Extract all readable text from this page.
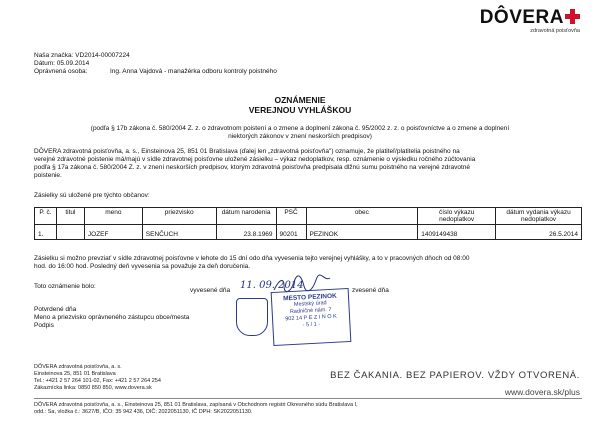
DÔVERA
zdravotná poisťovňa
Naša značka: VD2014-00007224
Dátum: 05.09.2014
Oprávnená osoba:	Ing. Anna Vajdová - manažérka odboru kontroly poistného
OZNÁMENIE
VEREJNOU VYHLÁŠKOU
(podľa § 17b zákona č. 580/2004 Z. z. o zdravotnom poistení a o zmene a doplnení zákona č. 95/2002 z. z. o poisťovníctve a o zmene a doplnení
niektorých zákonov v znení neskorších predpisov)
DÔVERA zdravotná poisťovňa, a. s., Einsteinova 25, 851 01 Bratislava (ďalej len „zdravotná poisťovňa") oznamuje, že platiteľ/platitelia poistného na
verejné zdravotné poistenie má/majú v sídle zdravotnej poisťovne uložené zásielku – výkaz nedoplatkov, resp. oznámenie o výsledku ročného zúčtovania
podľa § 17a zákona č. 580/2004 Z. z. v znení neskorších predpisov, ktorým zdravotná poisťovňa predpisala dlžnú sumu poistného na verejné zdravotné
poistenie.
Zásielky sú uložené pre týchto občanov:
P. č.	titul	meno	priezvisko	dátum narodenia	PSČ	obec	číslo výkazu nedoplatkov	dátum vydania výkazu nedoplatkov
1.		JOZEF	SENČUCH	23.8.1969	90201	PEZINOK	1409149438	26.5.2014
Zásielku si možno prevziať v sídle zdravotnej poisťovne v lehote do 15 dní odo dňa vyvesenia tejto verejnej vyhlášky, a to v pracovných dňoch od 08:00
hod. do 16:00 hod. Posledný deň vyvesenia sa považuje za deň doručenia.
Toto oznámenie bolo:
vyvesené dňa 11. 09. 2014	zvesené dňa
Potvrdené dňa
Meno a priezvisko oprávneného zástupcu obce/mesta
Podpis
MESTO PEZINOK
Mestský úrad
Radničné nám. 7
902 14 P E Z I N O K
- 5 / 1 -
DÔVERA zdravotná poisťovňa, a. s.
Einsteinova 25, 851 01 Bratislava
Tel.: +421 2 57 264 101-02, Fax: +421 2 57 264 254
Zákaznícka linka: 0850 850 850, www.dovera.sk
BEZ ČAKANIA. BEZ PAPIEROV. VŽDY OTVORENÁ.
www.dovera.sk/plus
DÔVERA zdravotná poisťovňa, a. s., Einsteinova 25, 851 01 Bratislava, zapísaná v Obchodnom registri Okresného súdu Bratislava I,
odd.: Sa, vložka č.: 3627/B, IČO: 35 942 436, DIČ: 2022051130, IČ DPH: SK2022051130.
